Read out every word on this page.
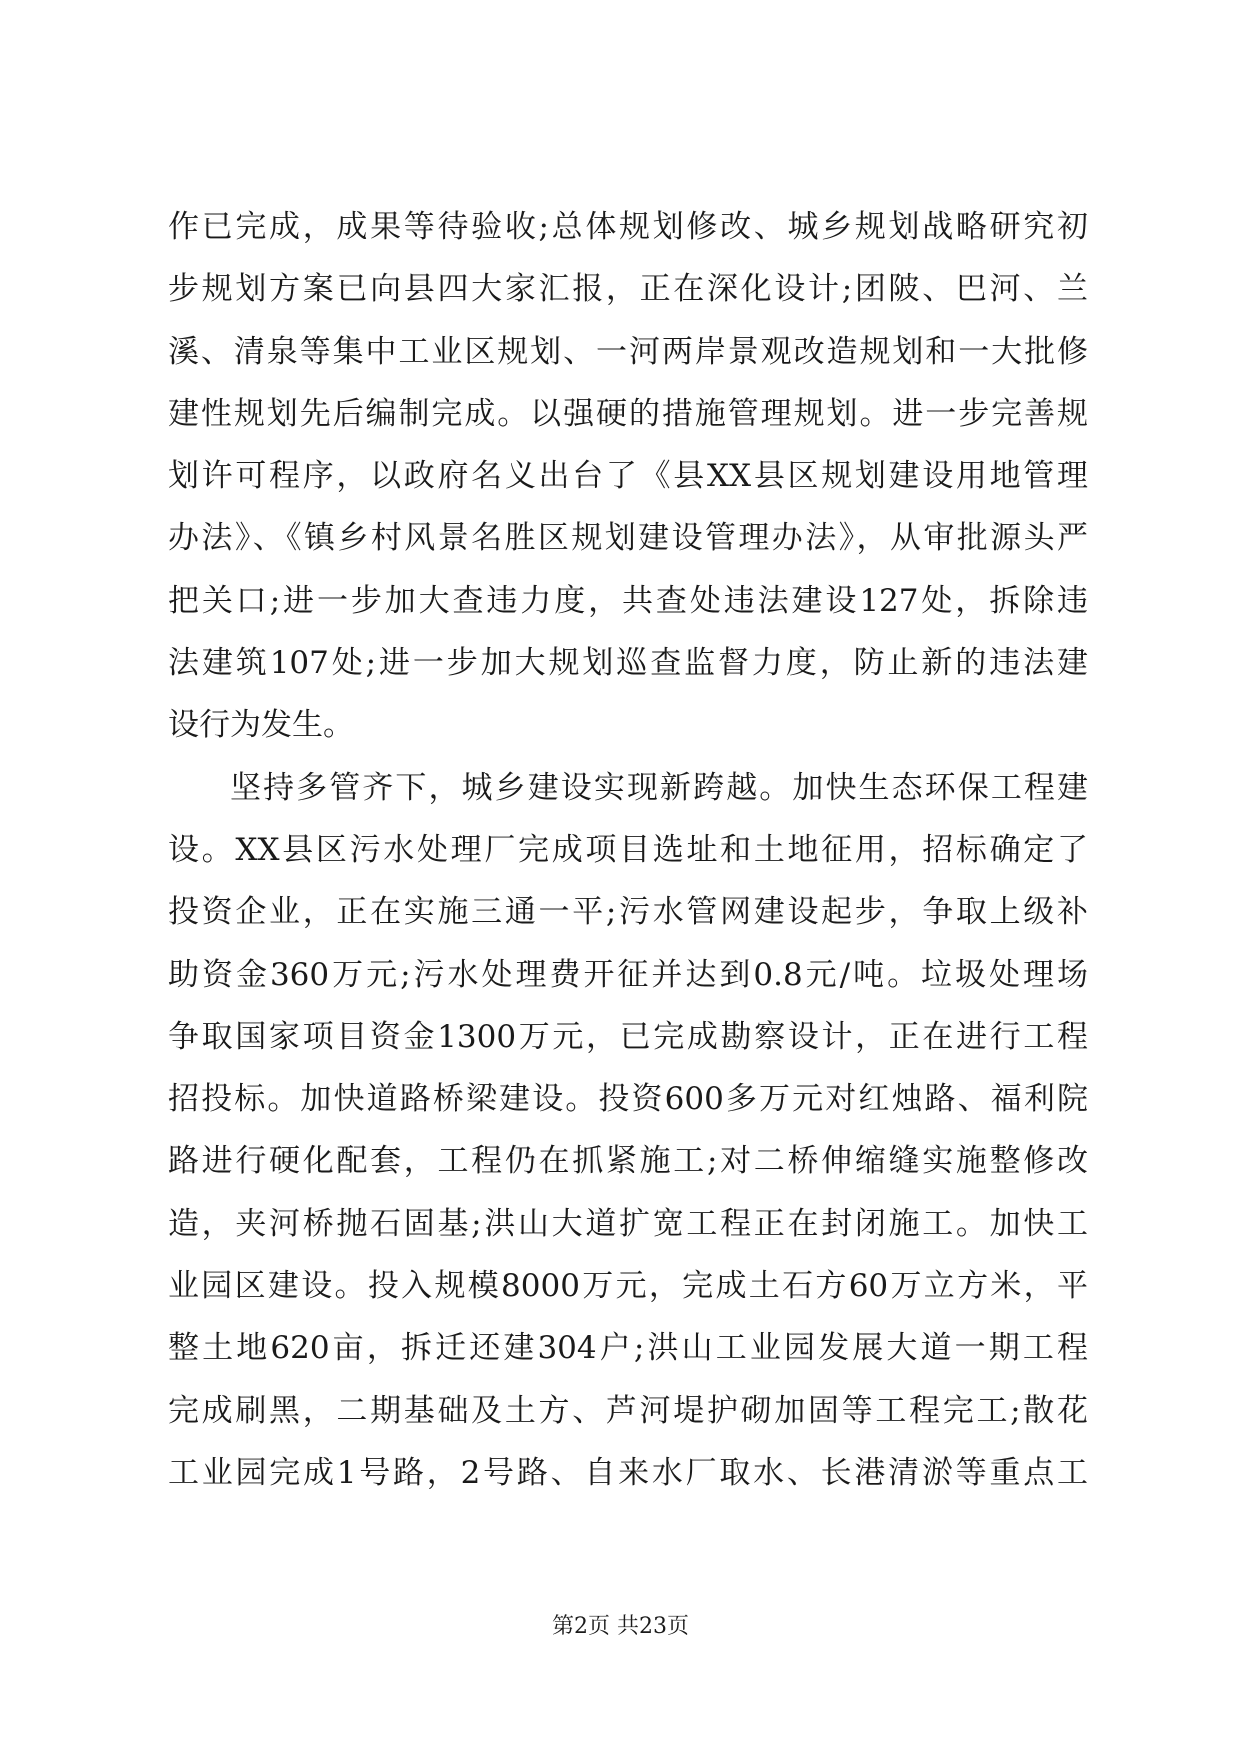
作已完成，成果等待验收;总体规划修改、城乡规划战略研究初
步规划方案已向县四大家汇报，正在深化设计;团陂、巴河、兰
溪、清泉等集中工业区规划、一河两岸景观改造规划和一大批修
建性规划先后编制完成。以强硬的措施管理规划。进一步完善规
划许可程序，以政府名义出台了《县XX县区规划建设用地管理
办法》、《镇乡村风景名胜区规划建设管理办法》，从审批源头严
把关口;进一步加大查违力度，共查处违法建设127处，拆除违
法建筑107处;进一步加大规划巡查监督力度，防止新的违法建
设行为发生。
坚持多管齐下，城乡建设实现新跨越。加快生态环保工程建
设。XX县区污水处理厂完成项目选址和土地征用，招标确定了
投资企业，正在实施三通一平;污水管网建设起步，争取上级补
助资金360万元;污水处理费开征并达到0.8元/吨。垃圾处理场
争取国家项目资金1300万元，已完成勘察设计，正在进行工程
招投标。加快道路桥梁建设。投资600多万元对红烛路、福利院
路进行硬化配套，工程仍在抓紧施工;对二桥伸缩缝实施整修改
造，夹河桥抛石固基;洪山大道扩宽工程正在封闭施工。加快工
业园区建设。投入规模8000万元，完成土石方60万立方米，平
整土地620亩，拆迁还建304户;洪山工业园发展大道一期工程
完成刷黑，二期基础及土方、芦河堤护砌加固等工程完工;散花
工业园完成1号路，2号路、自来水厂取水、长港清淤等重点工
第2页 共23页
